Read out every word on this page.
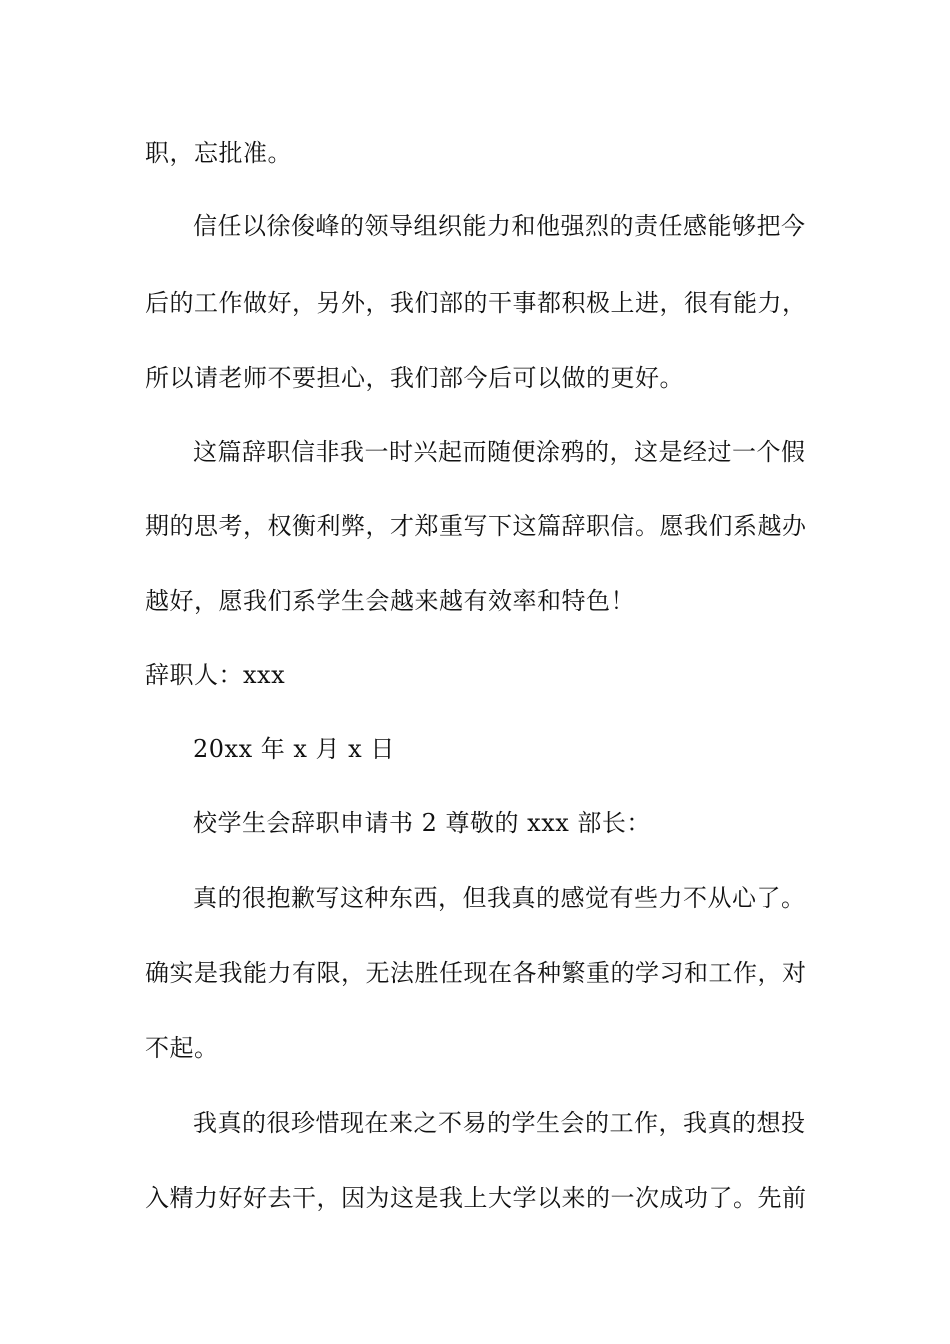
职，忘批准。
信任以徐俊峰的领导组织能力和他强烈的责任感能够把今
后的工作做好，另外，我们部的干事都积极上进，很有能力，
所以请老师不要担心，我们部今后可以做的更好。
这篇辞职信非我一时兴起而随便涂鸦的，这是经过一个假
期的思考，权衡利弊，才郑重写下这篇辞职信。愿我们系越办
越好，愿我们系学生会越来越有效率和特色！
辞职人：xxx
20xx 年 x 月 x 日
校学生会辞职申请书 2 尊敬的 xxx 部长：
真的很抱歉写这种东西，但我真的感觉有些力不从心了。
确实是我能力有限，无法胜任现在各种繁重的学习和工作，对
不起。
我真的很珍惜现在来之不易的学生会的工作，我真的想投
入精力好好去干，因为这是我上大学以来的一次成功了。先前
